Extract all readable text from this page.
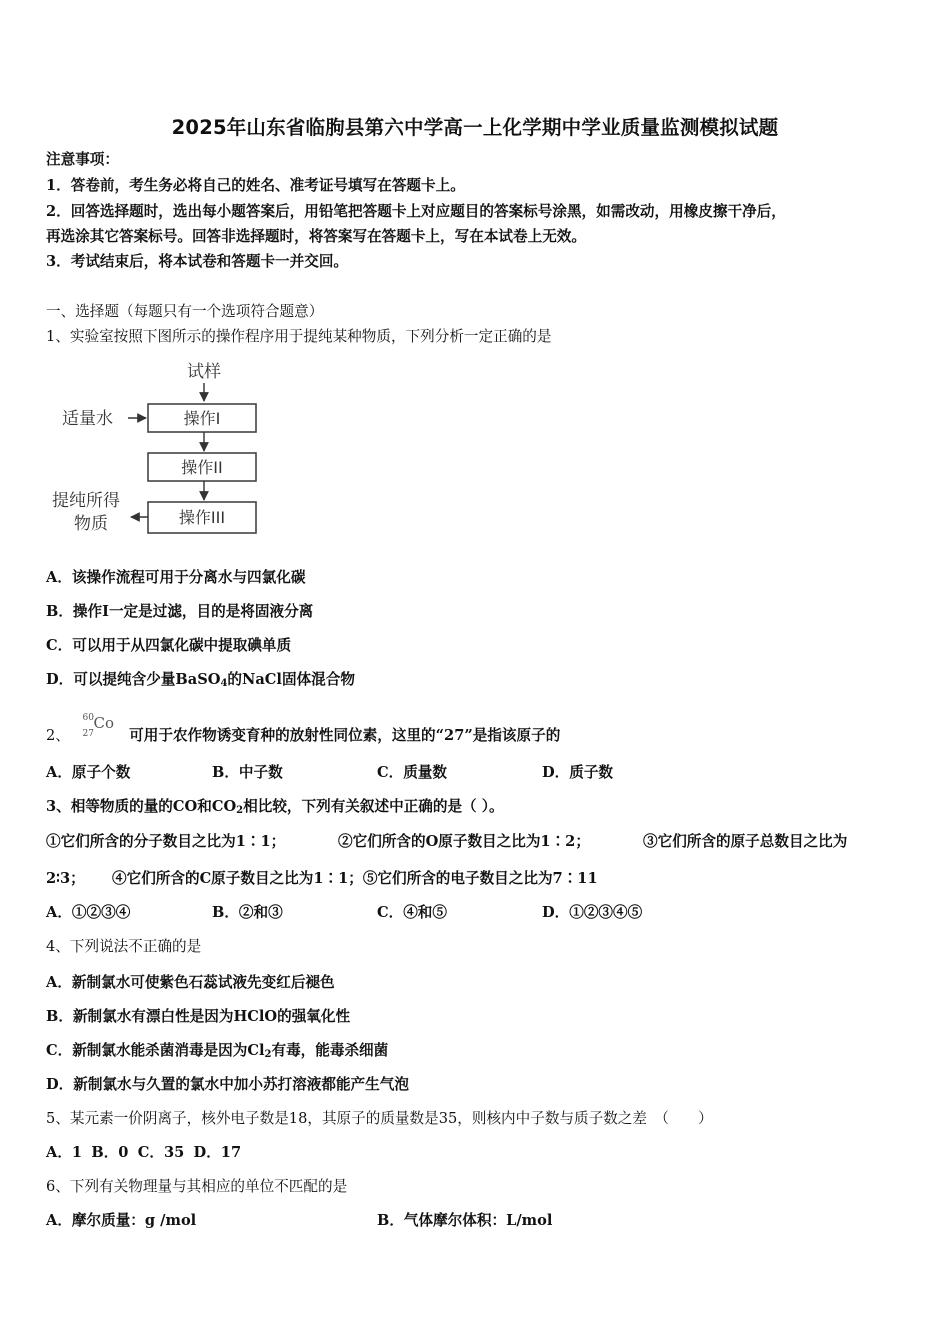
2025年山东省临朐县第六中学高一上化学期中学业质量监测模拟试题
注意事项：
1．答卷前，考生务必将自己的姓名、准考证号填写在答题卡上。
2．回答选择题时，选出每小题答案后，用铅笔把答题卡上对应题目的答案标号涂黑，如需改动，用橡皮擦干净后，
再选涂其它答案标号。回答非选择题时，将答案写在答题卡上，写在本试卷上无效。
3．考试结束后，将本试卷和答题卡一并交回。
一、选择题（每题只有一个选项符合题意）
1、实验室按照下图所示的操作程序用于提纯某种物质，下列分析一定正确的是
试样
适量水	操作I
操作II
操作III
提纯所得
物质
A．该操作流程可用于分离水与四氯化碳
B．操作I一定是过滤，目的是将固液分离
C．可以用于从四氯化碳中提取碘单质
D．可以提纯含少量BaSO$_4$的NaCl固体混合物
2、
60
27
Co
可用于农作物诱变育种的放射性同位素，这里的“27”是指该原子的
A．原子个数	B．中子数	C．质量数	D．质子数
3、相等物质的量的CO和$CO_2$相比较，下列有关叙述中正确的是（ ）。
①它们所含的分子数目之比为1∶1；	②它们所含的O原子数目之比为1∶2；	③它们所含的原子总数目之比为
2∶3； ④它们所含的C原子数目之比为1∶1；⑤它们所含的电子数目之比为7∶11
A．①②③④	B．②和③	C．④和⑤	D．①②③④⑤
4、下列说法不正确的是
A．新制氯水可使紫色石蕊试液先变红后褪色
B．新制氯水有漂白性是因为HClO的强氧化性
C．新制氯水能杀菌消毒是因为$Cl_2$有毒，能毒杀细菌
D．新制氯水与久置的氯水中加小苏打溶液都能产生气泡
5、某元素一价阴离子，核外电子数是18，其原子的质量数是35，则核内中子数与质子数之差　（　　）
A．1 B．0 C．35 D．17
6、下列有关物理量与其相应的单位不匹配的是
A．摩尔质量：g /mol	B．气体摩尔体积：L/mol
